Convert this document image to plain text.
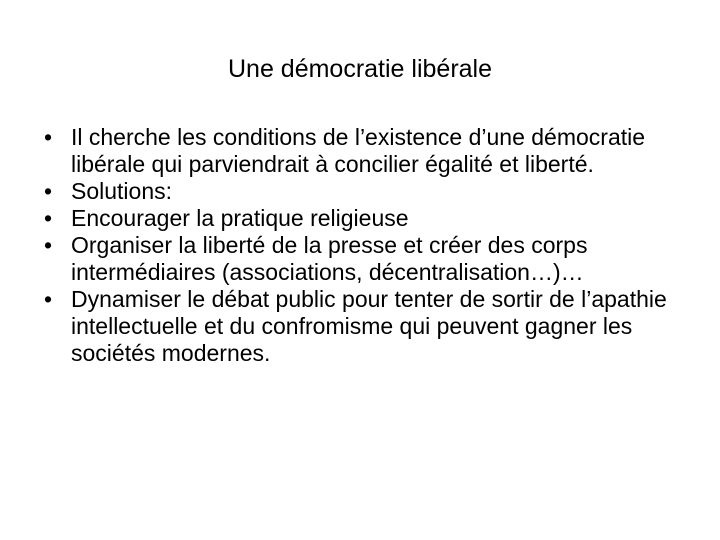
Une démocratie libérale
• Il cherche les conditions de l’existence d’une démocratie libérale qui parviendrait à concilier égalité et liberté.
• Solutions:
• Encourager la pratique religieuse
• Organiser la liberté de la presse et créer des corps intermédiaires (associations, décentralisation…)…
• Dynamiser le débat public pour tenter de sortir de l’apathie intellectuelle et du confromisme qui peuvent gagner les sociétés modernes.
